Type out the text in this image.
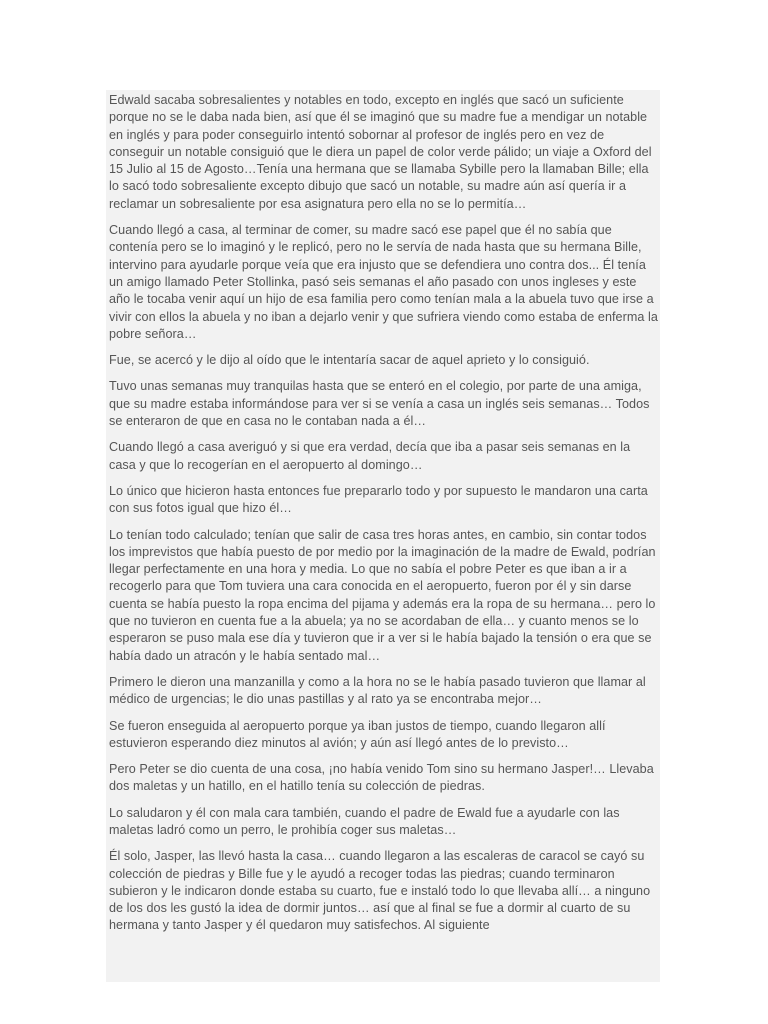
Edwald sacaba sobresalientes y notables en todo, excepto en inglés que sacó un suficiente porque no se le daba nada bien, así que él se imaginó que su madre fue a mendigar un notable en inglés y para poder conseguirlo intentó sobornar al profesor de inglés pero en vez de conseguir un notable consiguió que le diera un papel de color verde pálido; un viaje a Oxford del 15 Julio al 15 de Agosto…Tenía una hermana que se llamaba Sybille pero la llamaban Bille; ella lo sacó todo sobresaliente excepto dibujo que sacó un notable, su madre aún así quería ir a reclamar un sobresaliente por esa asignatura pero ella no se lo permitía…

Cuando llegó a casa, al terminar de comer, su madre sacó ese papel que él no sabía que contenía pero se lo imaginó y le replicó, pero no le servía de nada hasta que su hermana Bille, intervino para ayudarle porque veía que era injusto que se defendiera uno contra dos... Él tenía un amigo llamado Peter Stollinka, pasó seis semanas el año pasado con unos ingleses y este año le tocaba venir aquí un hijo de esa familia pero como tenían mala a la abuela tuvo que irse a vivir con ellos la abuela y no iban a dejarlo venir y que sufriera viendo como estaba de enferma la pobre señora…

Fue, se acercó y le dijo al oído que le intentaría sacar de aquel aprieto y lo consiguió.

Tuvo unas semanas muy tranquilas hasta que se enteró en el colegio, por parte de una amiga, que su madre estaba informándose para ver si se venía a casa un inglés seis semanas… Todos se enteraron de que en casa no le contaban nada a él…

Cuando llegó a casa averiguó y si que era verdad, decía que iba a pasar seis semanas en la casa y que lo recogerían en el aeropuerto al domingo…

Lo único que hicieron hasta entonces fue prepararlo todo y por supuesto le mandaron una carta con sus fotos igual que hizo él…

Lo tenían todo calculado; tenían que salir de casa tres horas antes, en cambio, sin contar todos los imprevistos que había puesto de por medio por la imaginación de la madre de Ewald, podrían llegar perfectamente en una hora y media. Lo que no sabía el pobre Peter es que iban a ir a recogerlo para que Tom tuviera una cara conocida en el aeropuerto, fueron por él y sin darse cuenta se había puesto la ropa encima del pijama y además era la ropa de su hermana… pero lo que no tuvieron en cuenta fue a la abuela; ya no se acordaban de ella… y cuanto menos se lo esperaron se puso mala ese día y tuvieron que ir a ver si le había bajado la tensión o era que se había dado un atracón y le había sentado mal…

Primero le dieron una manzanilla y como a la hora no se le había pasado tuvieron que llamar al médico de urgencias; le dio unas pastillas y al rato ya se encontraba mejor…

Se fueron enseguida al aeropuerto porque ya iban justos de tiempo, cuando llegaron allí estuvieron esperando diez minutos al avión; y aún así llegó antes de lo previsto…

Pero Peter se dio cuenta de una cosa, ¡no había venido Tom sino su hermano Jasper!… Llevaba dos maletas y un hatillo, en el hatillo tenía su colección de piedras.

Lo saludaron y él con mala cara también, cuando el padre de Ewald fue a ayudarle con las maletas ladró como un perro, le prohibía coger sus maletas…

Él solo, Jasper, las llevó hasta la casa… cuando llegaron a las escaleras de caracol se cayó su colección de piedras y Bille fue y le ayudó a recoger todas las piedras; cuando terminaron subieron y le indicaron donde estaba su cuarto, fue e instaló todo lo que llevaba allí… a ninguno de los dos les gustó la idea de dormir juntos… así que al final se fue a dormir al cuarto de su hermana y tanto Jasper y él quedaron muy satisfechos. Al siguiente
